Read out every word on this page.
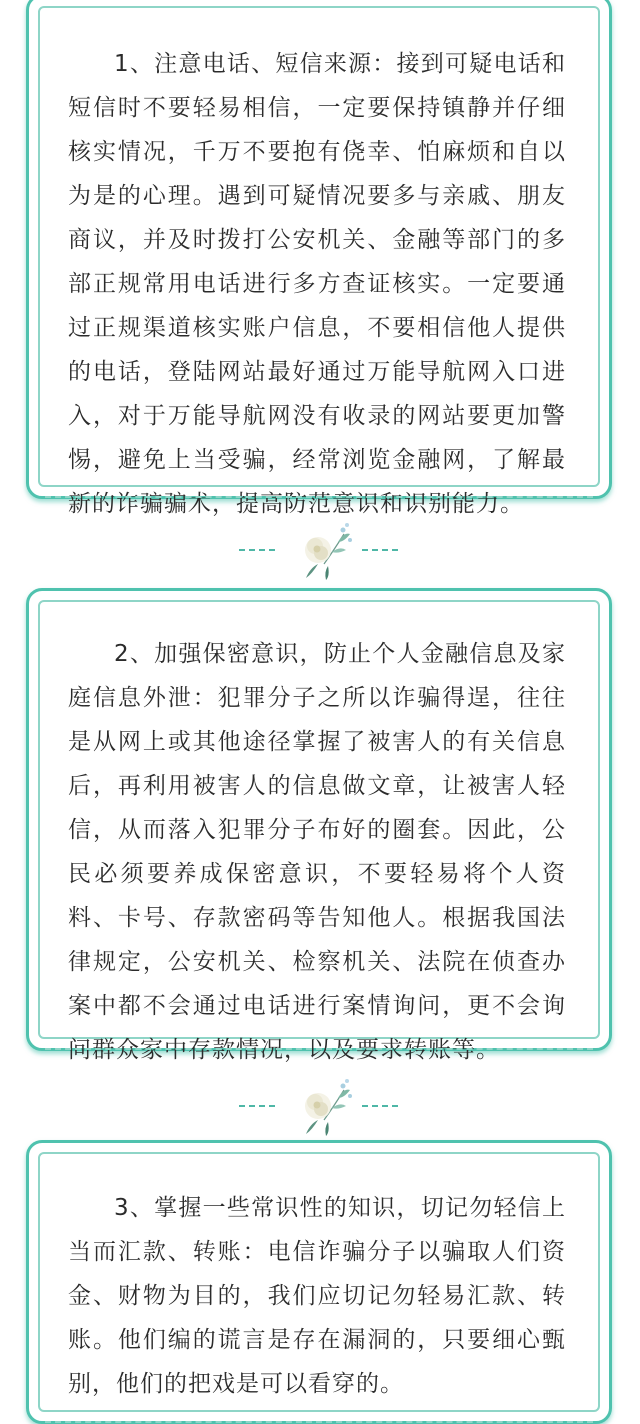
1、注意电话、短信来源：接到可疑电话和短信时不要轻易相信，一定要保持镇静并仔细核实情况，千万不要抱有侥幸、怕麻烦和自以为是的心理。遇到可疑情况要多与亲戚、朋友商议，并及时拨打公安机关、金融等部门的多部正规常用电话进行多方查证核实。一定要通过正规渠道核实账户信息，不要相信他人提供的电话，登陆网站最好通过万能导航网入口进入，对于万能导航网没有收录的网站要更加警惕，避免上当受骗，经常浏览金融网，了解最新的诈骗骗术，提高防范意识和识别能力。

2、加强保密意识，防止个人金融信息及家庭信息外泄：犯罪分子之所以诈骗得逞，往往是从网上或其他途径掌握了被害人的有关信息后，再利用被害人的信息做文章，让被害人轻信，从而落入犯罪分子布好的圈套。因此，公民必须要养成保密意识，不要轻易将个人资料、卡号、存款密码等告知他人。根据我国法律规定，公安机关、检察机关、法院在侦查办案中都不会通过电话进行案情询问，更不会询问群众家中存款情况，以及要求转账等。

3、掌握一些常识性的知识，切记勿轻信上当而汇款、转账：电信诈骗分子以骗取人们资金、财物为目的，我们应切记勿轻易汇款、转账。他们编的谎言是存在漏洞的，只要细心甄别，他们的把戏是可以看穿的。
